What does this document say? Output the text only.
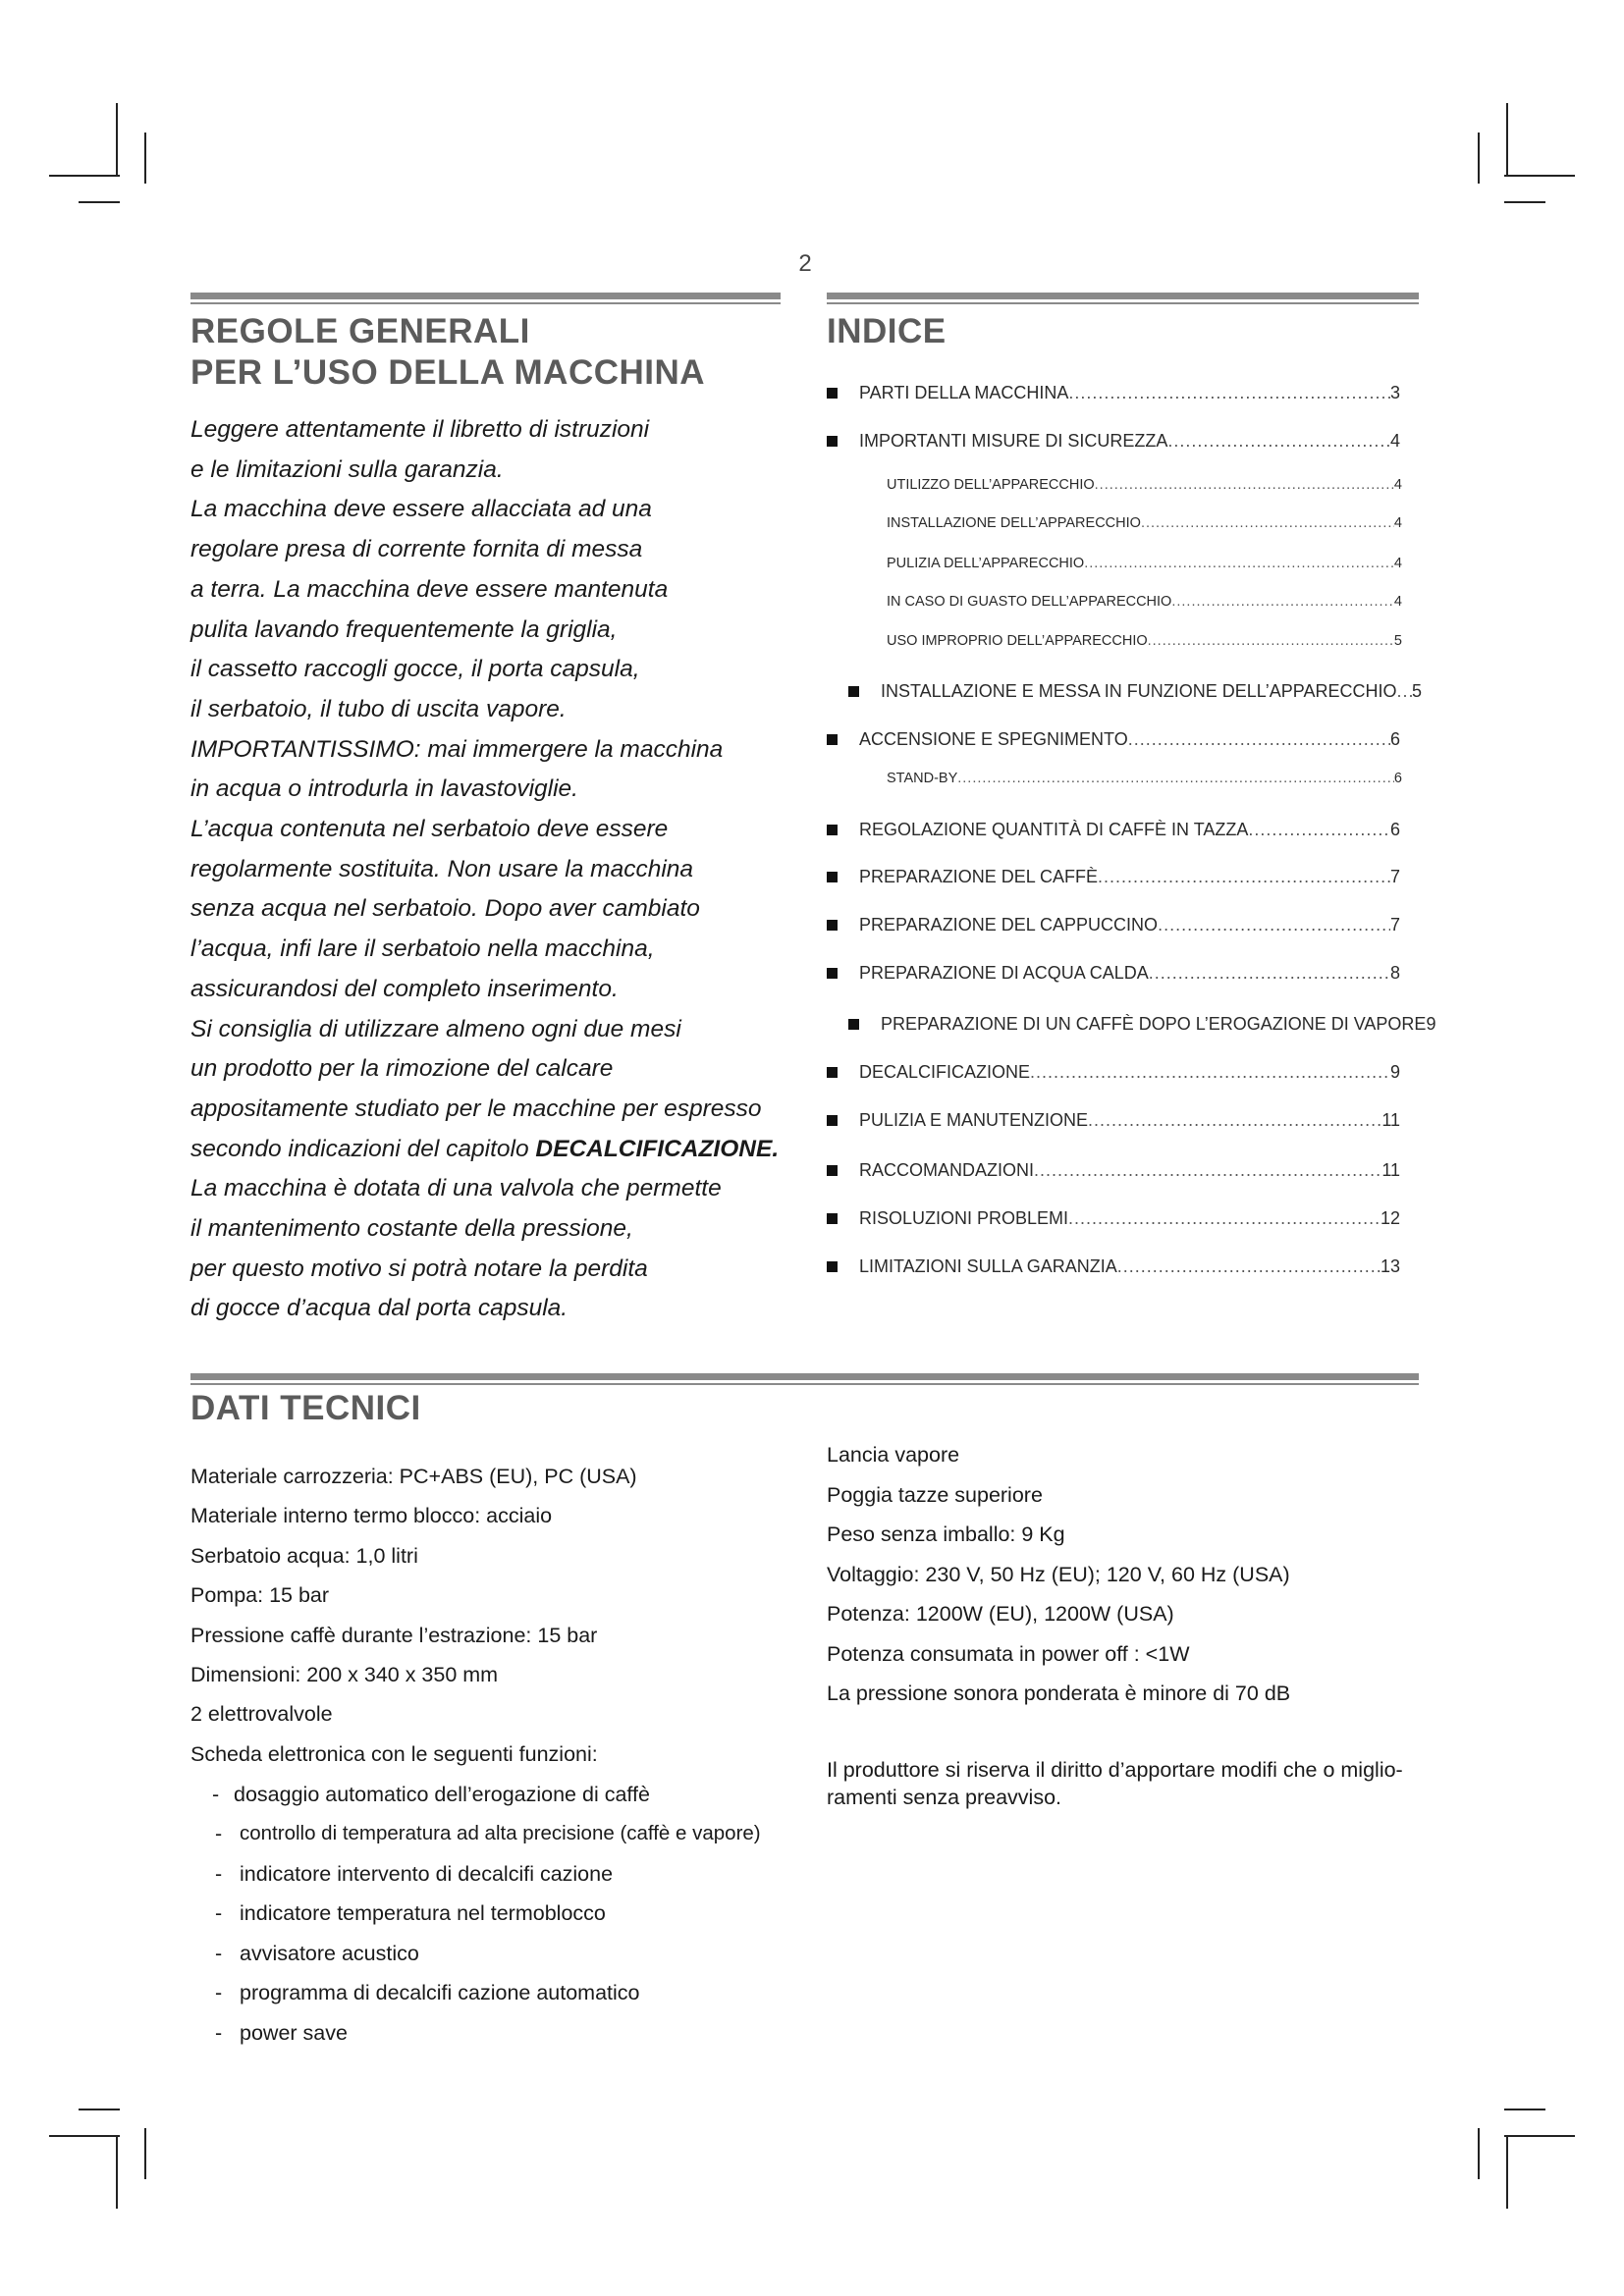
2
REGOLE GENERALI
PER L’USO DELLA MACCHINA

Leggere attentamente il libretto di istruzioni

e le limitazioni sulla garanzia.

La macchina deve essere allacciata ad una

regolare presa di corrente fornita di messa

a terra. La macchina deve essere mantenuta

pulita lavando frequentemente la griglia,

il cassetto raccogli gocce, il porta capsula,

il serbatoio, il tubo di uscita vapore.

IMPORTANTISSIMO: mai immergere la macchina

in acqua o introdurla in lavastoviglie.

L’acqua contenuta nel serbatoio deve essere

regolarmente sostituita. Non usare la macchina

senza acqua nel serbatoio. Dopo aver cambiato

l’acqua, infi lare il serbatoio nella macchina,

assicurandosi del completo inserimento.

Si consiglia di utilizzare almeno ogni due mesi

un prodotto per la rimozione del calcare

appositamente studiato per le macchine per espresso

secondo indicazioni del capitolo DECALCIFICAZIONE.

La macchina è dotata di una valvola che permette

il mantenimento costante della pressione,

per questo motivo si potrà notare la perdita

di gocce d’acqua dal porta capsula.

INDICE
PARTI DELLA MACCHINA .....	3
IMPORTANTI MISURE DI SICUREZZA .....	4
UTILIZZO DELL’APPARECCHIO .....	4
INSTALLAZIONE DELL’APPARECCHIO .....	4
PULIZIA DELL’APPARECCHIO .....	4
IN CASO DI GUASTO DELL’APPARECCHIO .....	4
USO IMPROPRIO DELL’APPARECCHIO .....	5
INSTALLAZIONE E MESSA IN FUNZIONE DELL’APPARECCHIO ..... 5
ACCENSIONE E SPEGNIMENTO .....	6
STAND-BY .....	6
REGOLAZIONE QUANTITÀ DI CAFFÈ IN TAZZA .....	6
PREPARAZIONE DEL CAFFÈ .....	7
PREPARAZIONE DEL CAPPUCCINO .....	7
PREPARAZIONE DI ACQUA CALDA .....	8
PREPARAZIONE DI UN CAFFÈ DOPO L’EROGAZIONE DI VAPORE 9
DECALCIFICAZIONE .....	9
PULIZIA E MANUTENZIONE .....	11
RACCOMANDAZIONI .....	11
RISOLUZIONI PROBLEMI .....	12
LIMITAZIONI SULLA GARANZIA .....	13
DATI TECNICI

Materiale carrozzeria: PC+ABS (EU), PC (USA)

Materiale interno termo blocco: acciaio

Serbatoio acqua: 1,0 litri

Pompa: 15 bar

Pressione caffè durante l’estrazione: 15 bar

Dimensioni: 200 x 340 x 350 mm

2 elettrovalvole

Scheda elettronica con le seguenti funzioni:

- dosaggio automatico dell’erogazione di caffè

- controllo di temperatura ad alta precisione (caffè e vapore)

- indicatore intervento di decalcifi cazione

- indicatore temperatura nel termoblocco

- avvisatore acustico

- programma di decalcifi cazione automatico

- power save

Lancia vapore

Poggia tazze superiore

Peso senza imballo: 9 Kg

Voltaggio: 230 V, 50 Hz (EU); 120 V, 60 Hz (USA)

Potenza: 1200W (EU), 1200W (USA)

Potenza consumata in power off : <1W

La pressione sonora ponderata è minore di 70 dB

Il produttore si riserva il diritto d’apportare modifi che o miglio-ramenti senza preavviso.
